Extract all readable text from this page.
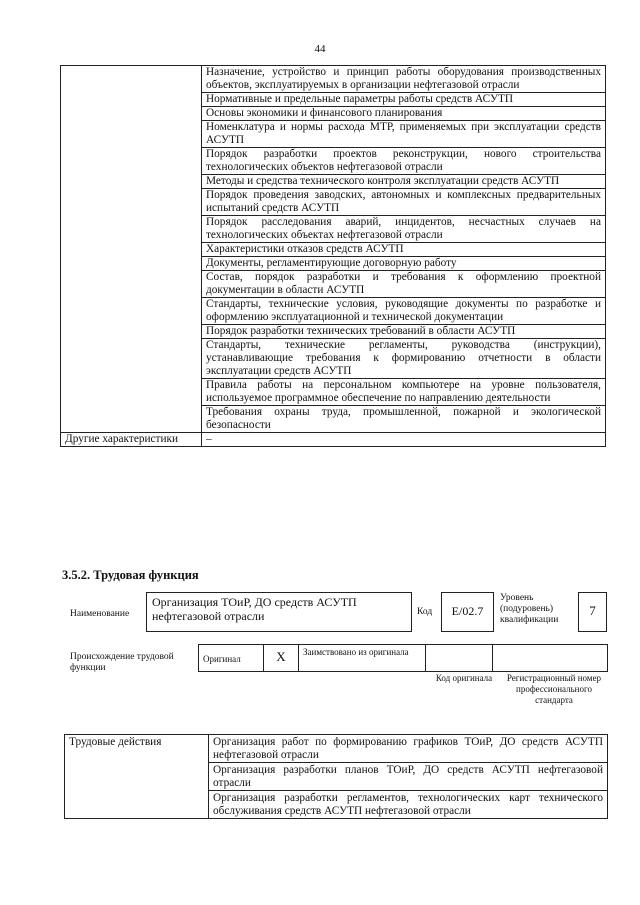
44
	Назначение, устройство и принцип работы оборудования производственных объектов, эксплуатируемых в организации нефтегазовой отрасли
	Нормативные и предельные параметры работы средств АСУТП
	Основы экономики и финансового планирования
	Номенклатура и нормы расхода МТР, применяемых при эксплуатации средств АСУТП
	Порядок разработки проектов реконструкции, нового строительства технологических объектов нефтегазовой отрасли
	Методы и средства технического контроля эксплуатации средств АСУТП
	Порядок проведения заводских, автономных и комплексных предварительных испытаний средств АСУТП
	Порядок расследования аварий, инцидентов, несчастных случаев на технологических объектах нефтегазовой отрасли
	Характеристики отказов средств АСУТП
	Документы, регламентирующие договорную работу
	Состав, порядок разработки и требования к оформлению проектной документации в области АСУТП
	Стандарты, технические условия, руководящие документы по разработке и оформлению эксплуатационной и технической документации
	Порядок разработки технических требований в области АСУТП
	Стандарты, технические регламенты, руководства (инструкции), устанавливающие требования к формированию отчетности в области эксплуатации средств АСУТП
	Правила работы на персональном компьютере на уровне пользователя, используемое программное обеспечение по направлению деятельности
	Требования охраны труда, промышленной, пожарной и экологической безопасности
Другие характеристики	–
3.5.2. Трудовая функция
Наименование
Организация ТОиР, ДО средств АСУТП нефтегазовой отрасли	Код	E/02.7
Уровень (подуровень) квалификации
7
Происхождение трудовой функции
Оригинал	X	Заимствовано из оригинала		
Код оригинала	Регистрационный номер профессионального стандарта
Трудовые действия	Организация работ по формированию графиков ТОиР, ДО средств АСУТП нефтегазовой отрасли
Организация разработки планов ТОиР, ДО средств АСУТП нефтегазовой отрасли
Организация разработки регламентов, технологических карт технического обслуживания средств АСУТП нефтегазовой отрасли
